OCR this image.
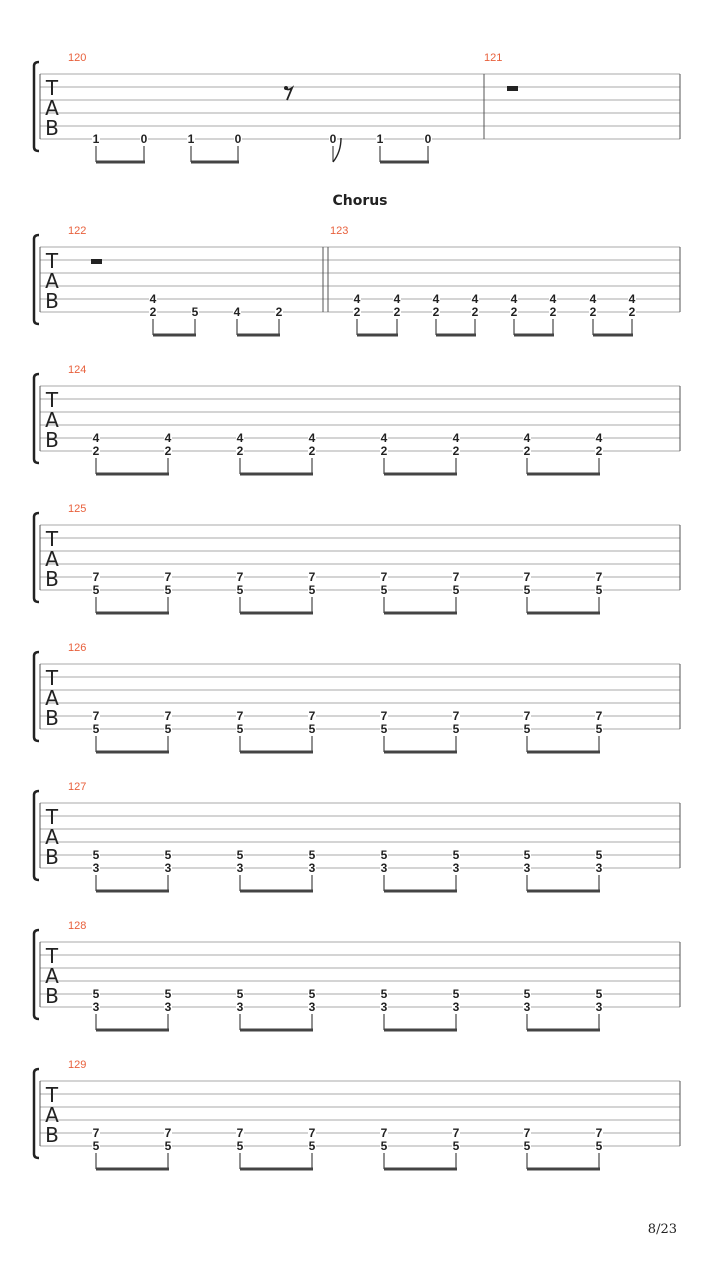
T
A
B
120
1	0	1	0	0	1	0
121
T
A
B
122
4
2	5	4	2
123
4
2
4
2
4
2
4
2
4
2
4
2
4
2
4
2
T
A
B
124
4
2
4
2
4
2
4
2
4
2
4
2
4
2
4
2
T
A
B
125
7
5
7
5
7
5
7
5
7
5
7
5
7
5
7
5
T
A
B
126
7
5
7
5
7
5
7
5
7
5
7
5
7
5
7
5
T
A
B
127
5
3
5
3
5
3
5
3
5
3
5
3
5
3
5
3
T
A
B
128
5
3
5
3
5
3
5
3
5
3
5
3
5
3
5
3
T
A
B
129
7
5
7
5
7
5
7
5
7
5
7
5
7
5
7
5
Chorus
8/23
